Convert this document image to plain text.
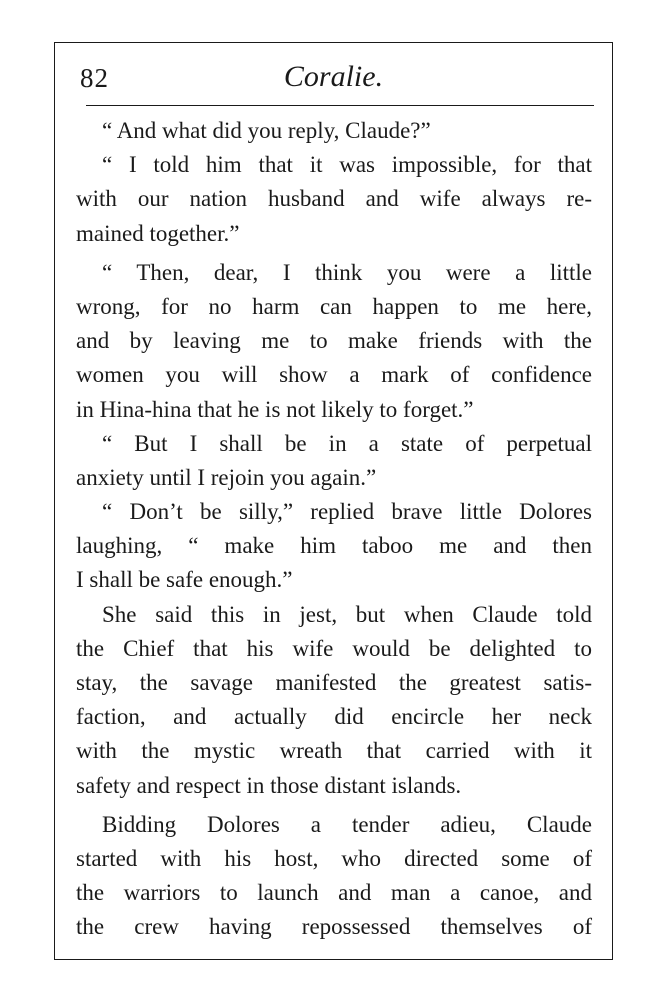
82	Coralie.
“ And what did you reply, Claude?”
“ I told him that it was impossible, for that
with our nation husband and wife always re-
mained together.”
“ Then, dear, I think you were a little
wrong, for no harm can happen to me here,
and by leaving me to make friends with the
women you will show a mark of confidence
in Hina-hina that he is not likely to forget.”
“ But I shall be in a state of perpetual
anxiety until I rejoin you again.”
“ Don’t be silly,” replied brave little Dolores
laughing, “ make him taboo me and then
I shall be safe enough.”
She said this in jest, but when Claude told
the Chief that his wife would be delighted to
stay, the savage manifested the greatest satis-
faction, and actually did encircle her neck
with the mystic wreath that carried with it
safety and respect in those distant islands.
Bidding Dolores a tender adieu, Claude
started with his host, who directed some of
the warriors to launch and man a canoe, and
the crew having repossessed themselves of
